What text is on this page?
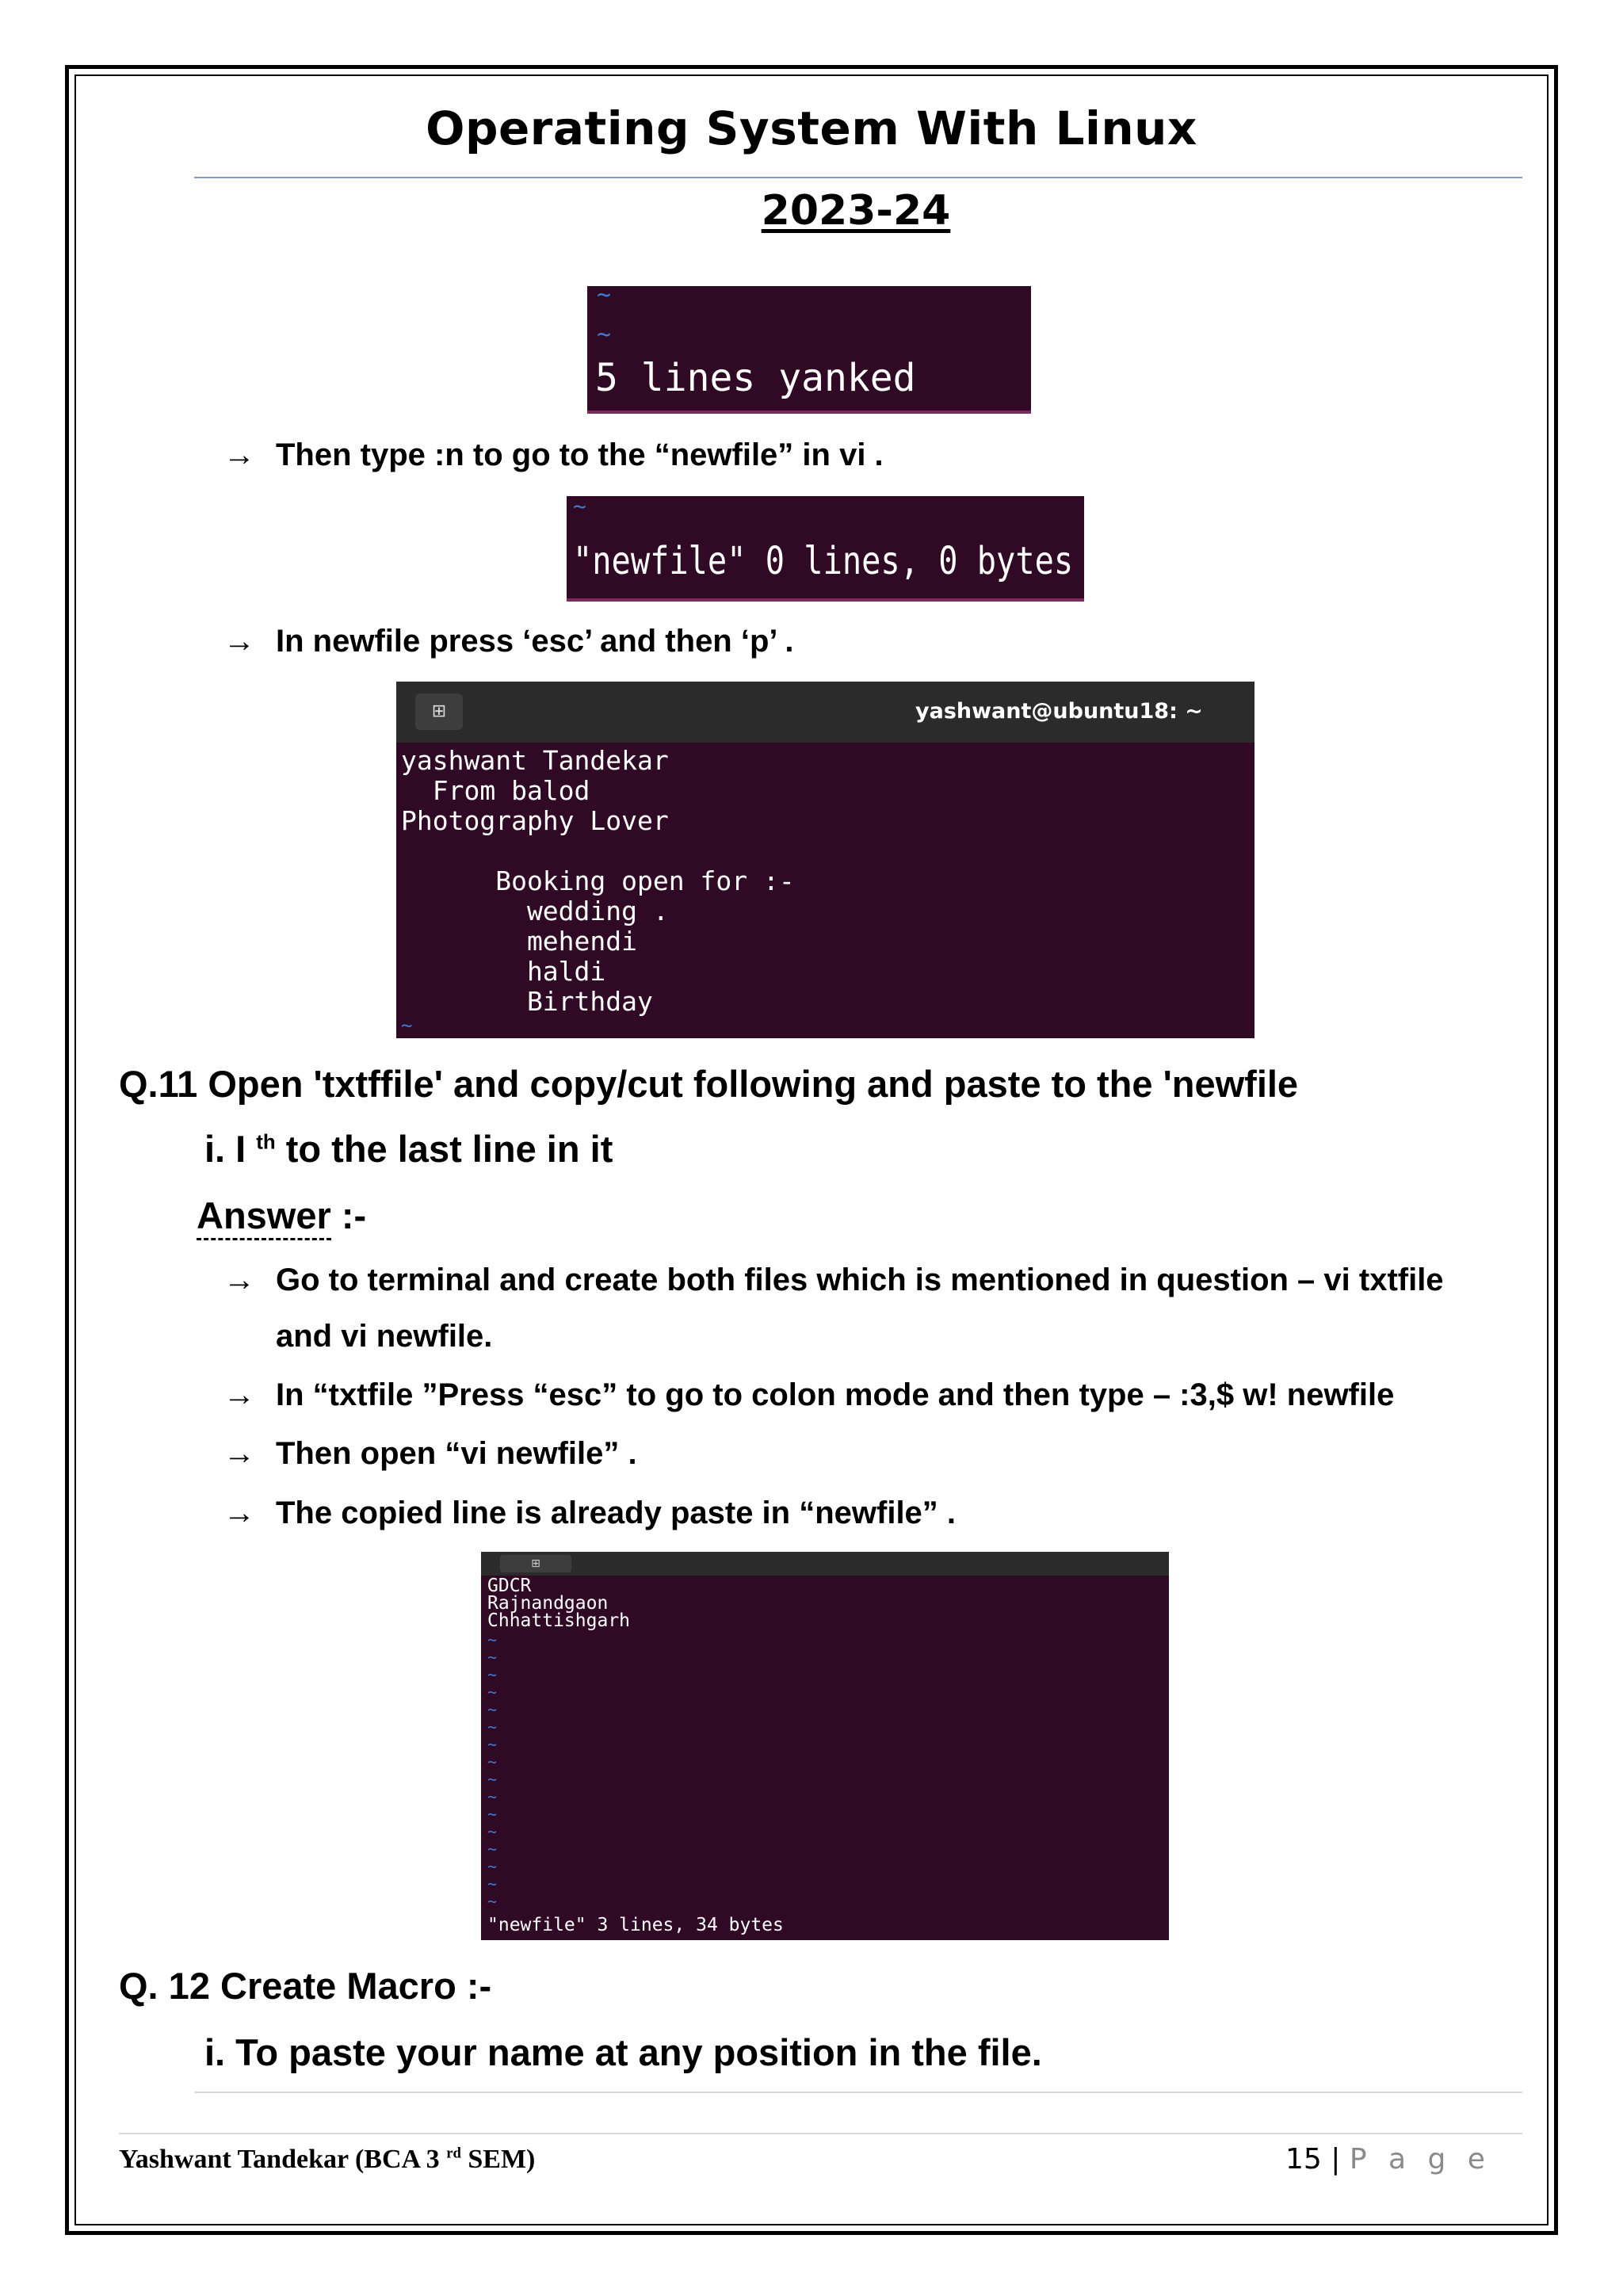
Operating System With Linux
2023-24
~
~
5 lines yanked
→ Then type :n to go to the “newfile” in vi .
~
"newfile" 0 lines, 0 bytes
→ In newfile press ‘esc’ and then ‘p’ .
⊞	yashwant@ubuntu18: ~
yashwant Tandekar
From balod
Photography Lover
Booking open for :-
wedding .
mehendi
haldi
Birthday
~
Q.11 Open 'txtffile' and copy/cut following and paste to the 'newfile
i. I $^{th}$ to the last line in it
Answer :-
→ Go to terminal and create both files which is mentioned in question – vi txtfile
and vi newfile.
→ In “txtfile ”Press “esc” to go to colon mode and then type – :3,$ w! newfile
→ Then open “vi newfile” .
→ The copied line is already paste in “newfile” .
⊞
GDCR
Rajnandgaon
Chhattishgarh
~
~
~
~
~
~
~
~
~
~
~
~
~
~
~
~
"newfile" 3 lines, 34 bytes
Q. 12 Create Macro :-
i. To paste your name at any position in the file.
Yashwant Tandekar (BCA 3 $^{rd}$ SEM)	15 | P a g e
